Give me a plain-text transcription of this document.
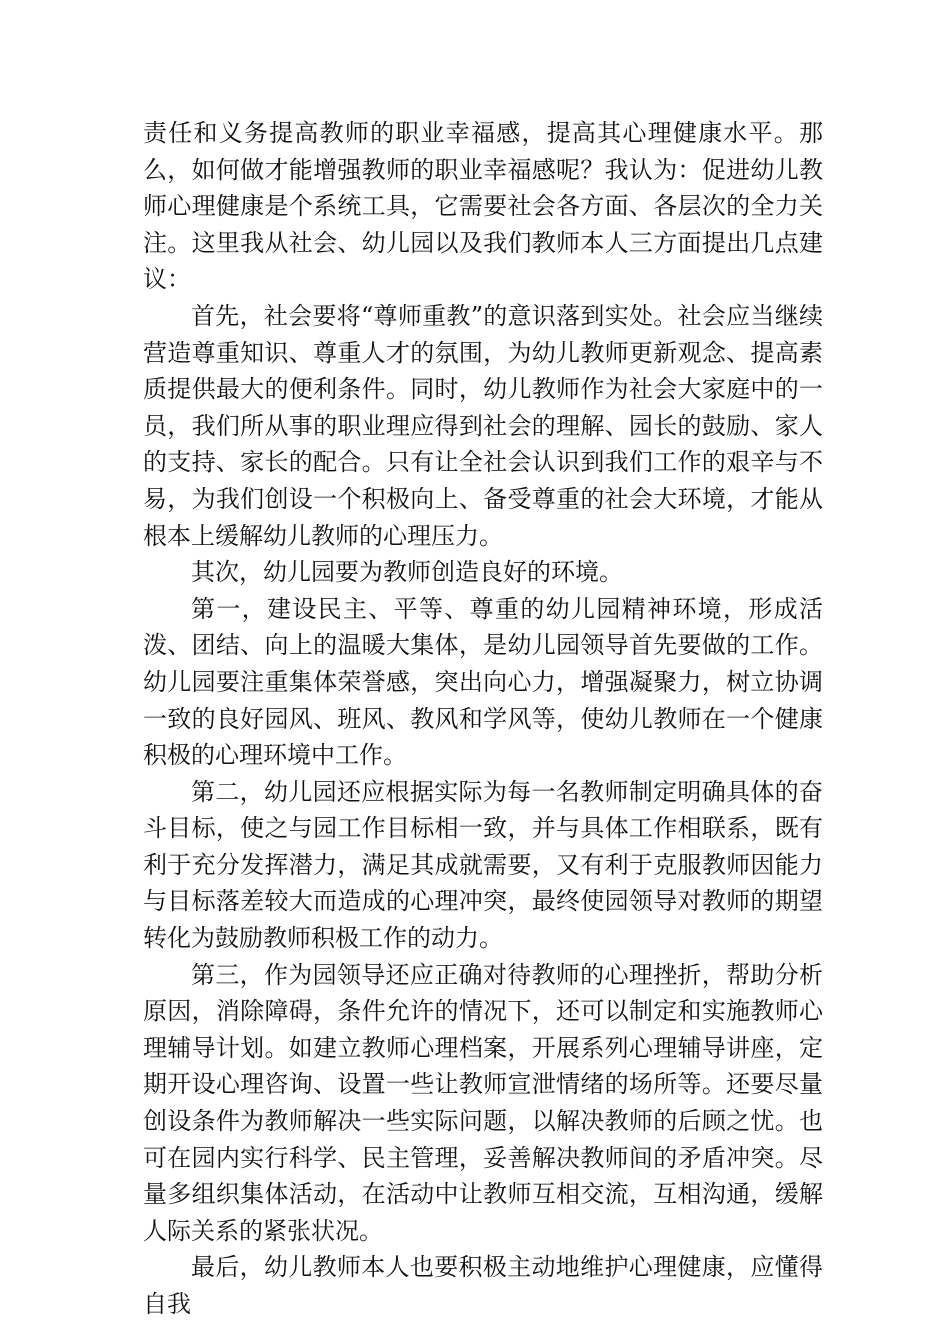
责任和义务提高教师的职业幸福感，提高其心理健康水平。那么，如何做才能增强教师的职业幸福感呢？我认为：促进幼儿教师心理健康是个系统工具，它需要社会各方面、各层次的全力关注。这里我从社会、幼儿园以及我们教师本人三方面提出几点建议：

首先，社会要将“尊师重教”的意识落到实处。社会应当继续营造尊重知识、尊重人才的氛围，为幼儿教师更新观念、提高素质提供最大的便利条件。同时，幼儿教师作为社会大家庭中的一员，我们所从事的职业理应得到社会的理解、园长的鼓励、家人的支持、家长的配合。只有让全社会认识到我们工作的艰辛与不易，为我们创设一个积极向上、备受尊重的社会大环境，才能从根本上缓解幼儿教师的心理压力。

其次，幼儿园要为教师创造良好的环境。

第一，建设民主、平等、尊重的幼儿园精神环境，形成活泼、团结、向上的温暖大集体，是幼儿园领导首先要做的工作。幼儿园要注重集体荣誉感，突出向心力，增强凝聚力，树立协调一致的良好园风、班风、教风和学风等，使幼儿教师在一个健康积极的心理环境中工作。

第二，幼儿园还应根据实际为每一名教师制定明确具体的奋斗目标，使之与园工作目标相一致，并与具体工作相联系，既有利于充分发挥潜力，满足其成就需要，又有利于克服教师因能力与目标落差较大而造成的心理冲突，最终使园领导对教师的期望转化为鼓励教师积极工作的动力。

第三，作为园领导还应正确对待教师的心理挫折，帮助分析原因，消除障碍，条件允许的情况下，还可以制定和实施教师心理辅导计划。如建立教师心理档案，开展系列心理辅导讲座，定期开设心理咨询、设置一些让教师宣泄情绪的场所等。还要尽量创设条件为教师解决一些实际问题，以解决教师的后顾之忧。也可在园内实行科学、民主管理，妥善解决教师间的矛盾冲突。尽量多组织集体活动，在活动中让教师互相交流，互相沟通，缓解人际关系的紧张状况。

最后，幼儿教师本人也要积极主动地维护心理健康，应懂得自我
